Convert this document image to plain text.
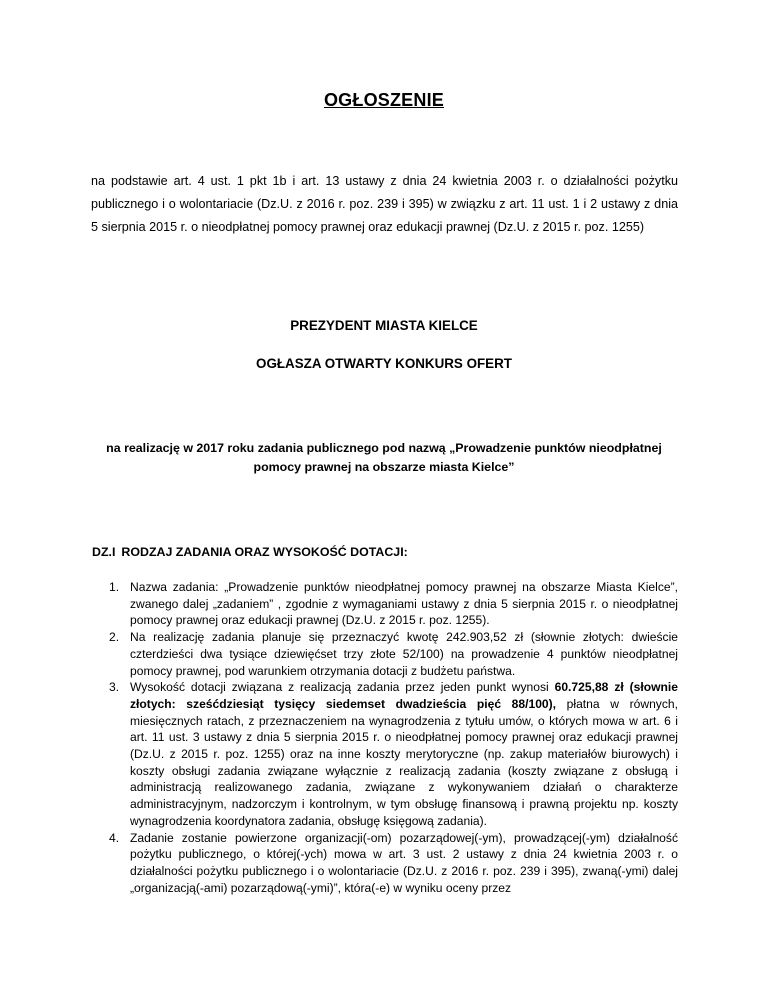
OGŁOSZENIE

na podstawie art. 4 ust. 1 pkt 1b i art. 13 ustawy z dnia 24 kwietnia 2003 r. o działalności pożytku publicznego i o wolontariacie (Dz.U. z 2016 r. poz. 239 i 395) w związku z art. 11 ust. 1 i 2 ustawy z dnia 5 sierpnia 2015 r. o nieodpłatnej pomocy prawnej oraz edukacji prawnej (Dz.U. z 2015 r. poz. 1255)

PREZYDENT MIASTA KIELCE
OGŁASZA OTWARTY KONKURS OFERT

na realizację w 2017 roku zadania publicznego pod nazwą „Prowadzenie punktów nieodpłatnej pomocy prawnej na obszarze miasta Kielce”

DZ.I RODZAJ ZADANIA ORAZ WYSOKOŚĆ DOTACJI:
1. Nazwa zadania: „Prowadzenie punktów nieodpłatnej pomocy prawnej na obszarze Miasta Kielce”, zwanego dalej „zadaniem” , zgodnie z wymaganiami ustawy z dnia 5 sierpnia 2015 r. o nieodpłatnej pomocy prawnej oraz edukacji prawnej (Dz.U. z 2015 r. poz. 1255).
2. Na realizację zadania planuje się przeznaczyć kwotę 242.903,52 zł (słownie złotych: dwieście czterdzieści dwa tysiące dziewięćset trzy złote 52/100) na prowadzenie 4 punktów nieodpłatnej pomocy prawnej, pod warunkiem otrzymania dotacji z budżetu państwa.
3. Wysokość dotacji związana z realizacją zadania przez jeden punkt wynosi 60.725,88 zł (słownie złotych: sześćdziesiąt tysięcy siedemset dwadzieścia pięć 88/100), płatna w równych, miesięcznych ratach, z przeznaczeniem na wynagrodzenia z tytułu umów, o których mowa w art. 6 i art. 11 ust. 3 ustawy z dnia 5 sierpnia 2015 r. o nieodpłatnej pomocy prawnej oraz edukacji prawnej (Dz.U. z 2015 r. poz. 1255) oraz na inne koszty merytoryczne (np. zakup materiałów biurowych) i koszty obsługi zadania związane wyłącznie z realizacją zadania (koszty związane z obsługą i administracją realizowanego zadania, związane z wykonywaniem działań o charakterze administracyjnym, nadzorczym i kontrolnym, w tym obsługę finansową i prawną projektu np. koszty wynagrodzenia koordynatora zadania, obsługę księgową zadania).
4. Zadanie zostanie powierzone organizacji(-om) pozarządowej(-ym), prowadzącej(-ym) działalność pożytku publicznego, o której(-ych) mowa w art. 3 ust. 2 ustawy z dnia 24 kwietnia 2003 r. o działalności pożytku publicznego i o wolontariacie (Dz.U. z 2016 r. poz. 239 i 395), zwaną(-ymi) dalej „organizacją(-ami) pozarządową(-ymi)”, która(-e) w wyniku oceny przez
